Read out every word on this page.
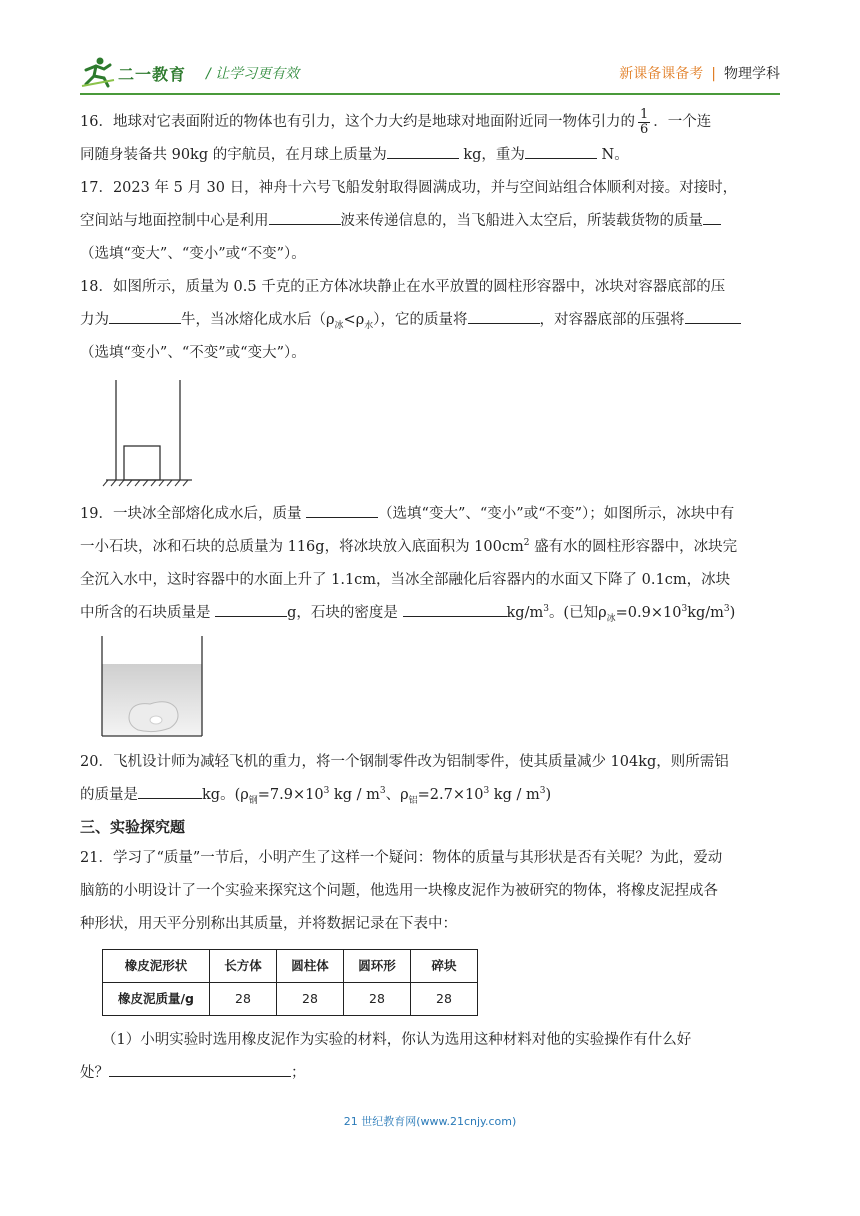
二一教育 / 让学习更有效	新课备课备考 | 物理学科

16．地球对它表面附近的物体也有引力，这个力大约是地球对地面附近同一物体引力的 $\frac{1}{6}$ ．一个连

同随身装备共 90kg 的宇航员，在月球上质量为	kg，重为	N。

17．2023 年 5 月 30 日，神舟十六号飞船发射取得圆满成功，并与空间站组合体顺利对接。对接时，

空间站与地面控制中心是利用	波来传递信息的，当飞船进入太空后，所装载货物的质量

（选填“变大”、“变小”或“不变”）。

18．如图所示，质量为 0.5 千克的正方体冰块静止在水平放置的圆柱形容器中，冰块对容器底部的压

力为	牛，当冰熔化成水后$(\rho_冰<\rho_水)$，它的质量将	，对容器底部的压强将

（选填“变小”、“不变”或“变大”）。

19．一块冰全部熔化成水后，质量	（选填“变大”、“变小”或“不变”）；如图所示，冰块中有

一小石块，冰和石块的总质量为 116g，将冰块放入底面积为 $100cm^2$ 盛有水的圆柱形容器中，冰块完

全沉入水中，这时容器中的水面上升了 1.1cm，当冰全部融化后容器内的水面又下降了 0.1cm，冰块

中所含的石块质量是	g，石块的密度是	$kg/m^3$。(已知$\rho_冰=0.9\times 10^3kg/m^3$)

20．飞机设计师为减轻飞机的重力，将一个钢制零件改为铝制零件，使其质量减少 104kg，则所需铝

的质量是	kg。($\rho_钢=7.9\times 10^3$ kg / $m^3$、$\rho_铝=2.7\times 10^3$ kg / $m^3$)

三、实验探究题

21．学习了“质量”一节后，小明产生了这样一个疑问：物体的质量与其形状是否有关呢？为此，爱动

脑筋的小明设计了一个实验来探究这个问题，他选用一块橡皮泥作为被研究的物体，将橡皮泥捏成各

种形状，用天平分别称出其质量，并将数据记录在下表中：

橡皮泥形状	长方体	圆柱体	圆环形	碎块
橡皮泥质量/g	28	28	28	28

（1）小明实验时选用橡皮泥作为实验的材料，你认为选用这种材料对他的实验操作有什么好

处？	；

21 世纪教育网(www.21cnjy.com)
